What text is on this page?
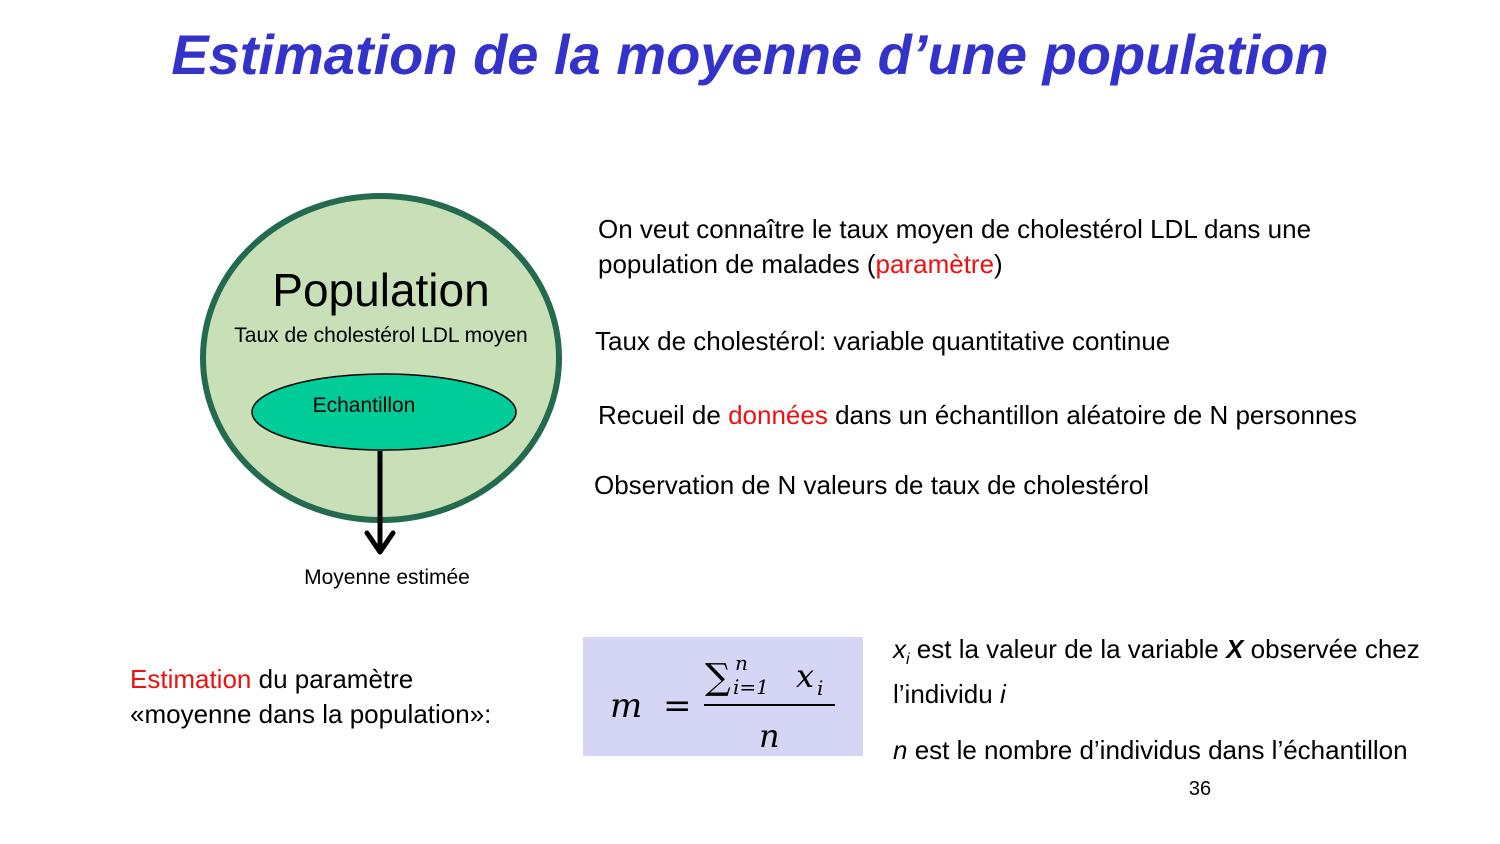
Estimation de la moyenne d’une population
Population
Taux de cholestérol LDL moyen
Echantillon
Moyenne estimée
On veut connaître le taux moyen de cholestérol LDL dans une
population de malades (paramètre)
Taux de cholestérol: variable quantitative continue
Recueil de données dans un échantillon aléatoire de N personnes
Observation de N valeurs de taux de cholestérol
Estimation du paramètre
«moyenne dans la population»:	m =
∑ n
i=1 x i
n
$x_i$ est la valeur de la variable X observée chez
l’individu i
n est le nombre d’individus dans l’échantillon
36
